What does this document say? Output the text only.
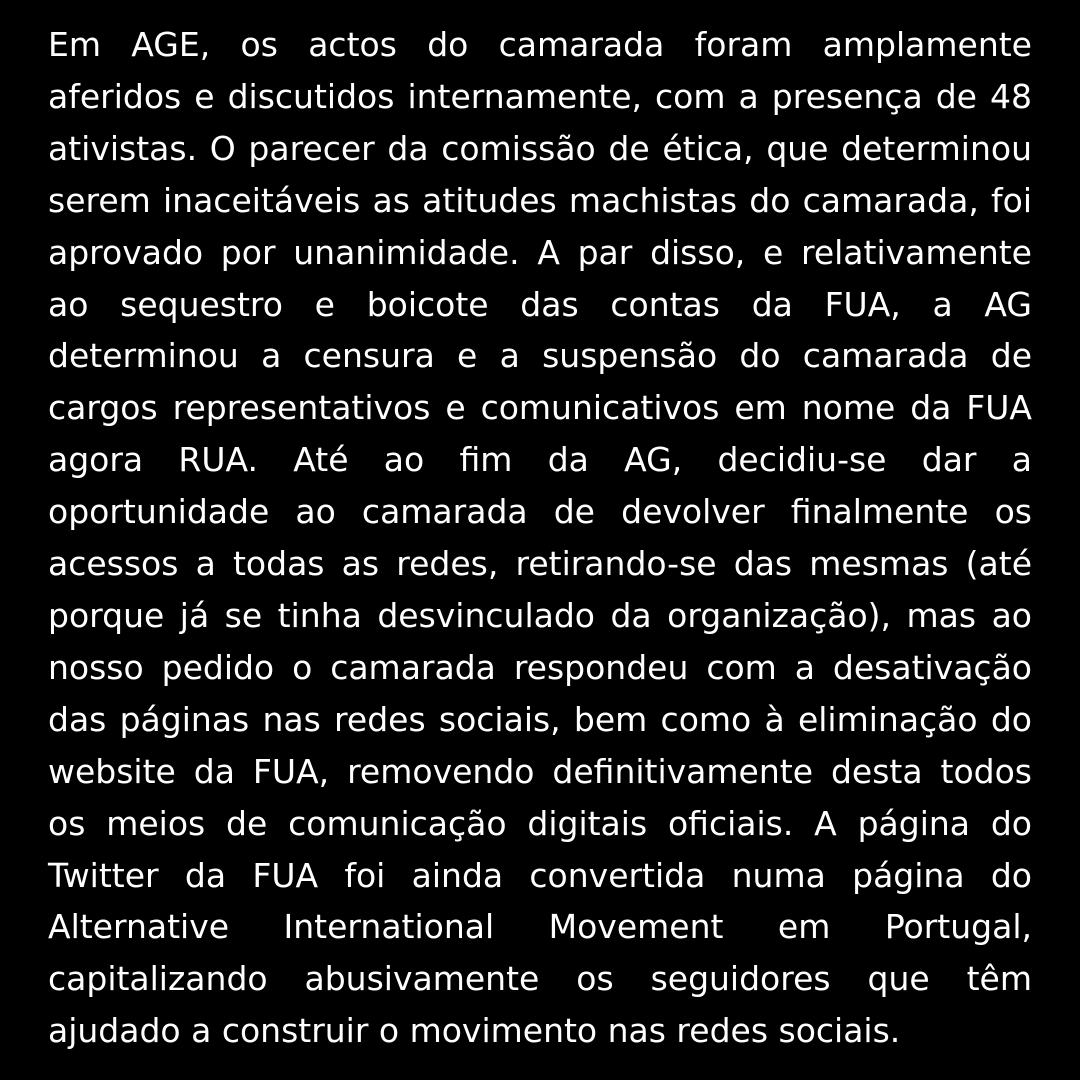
Em AGE, os actos do camarada foram amplamente aferidos e discutidos internamente, com a presença de 48 ativistas. O parecer da comissão de ética, que determinou serem inaceitáveis as atitudes machistas do camarada, foi aprovado por unanimidade. A par disso, e relativamente ao sequestro e boicote das contas da FUA, a AG determinou a censura e a suspensão do camarada de cargos representativos e comunicativos em nome da FUA agora RUA. Até ao fim da AG, decidiu-se dar a oportunidade ao camarada de devolver finalmente os acessos a todas as redes, retirando-se das mesmas (até porque já se tinha desvinculado da organização), mas ao nosso pedido o camarada respondeu com a desativação das páginas nas redes sociais, bem como à eliminação do website da FUA, removendo definitivamente desta todos os meios de comunicação digitais oficiais. A página do Twitter da FUA foi ainda convertida numa página do Alternative International Movement em Portugal, capitalizando abusivamente os seguidores que têm ajudado a construir o movimento nas redes sociais.
